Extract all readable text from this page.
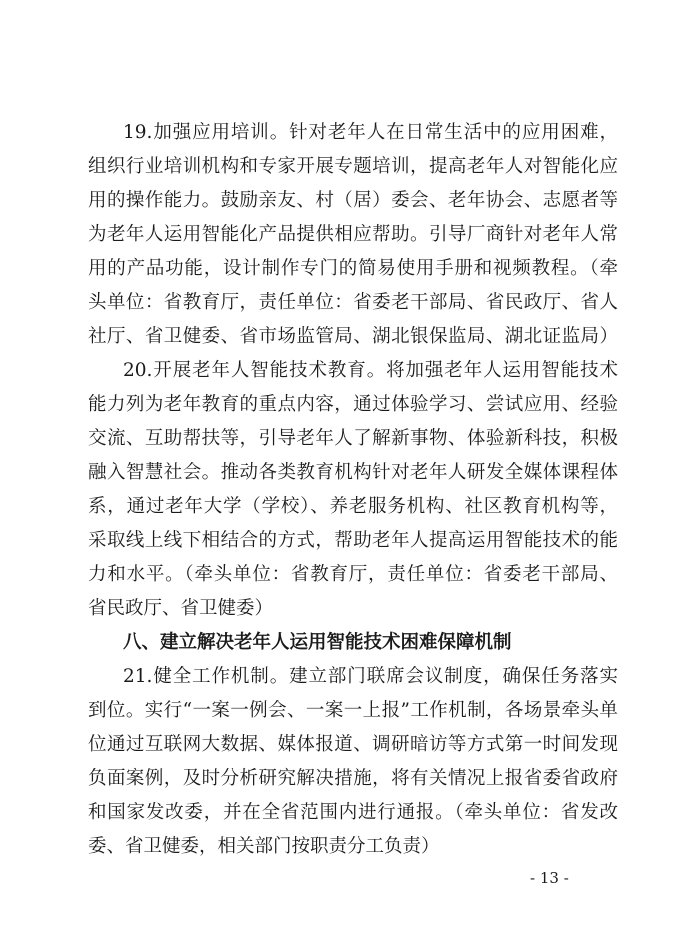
19.加强应用培训。针对老年人在日常生活中的应用困难，
组织行业培训机构和专家开展专题培训，提高老年人对智能化应
用的操作能力。鼓励亲友、村（居）委会、老年协会、志愿者等
为老年人运用智能化产品提供相应帮助。引导厂商针对老年人常
用的产品功能，设计制作专门的简易使用手册和视频教程。（牵
头单位：省教育厅，责任单位：省委老干部局、省民政厅、省人
社厅、省卫健委、省市场监管局、湖北银保监局、湖北证监局）
20.开展老年人智能技术教育。将加强老年人运用智能技术
能力列为老年教育的重点内容，通过体验学习、尝试应用、经验
交流、互助帮扶等，引导老年人了解新事物、体验新科技，积极
融入智慧社会。推动各类教育机构针对老年人研发全媒体课程体
系，通过老年大学（学校）、养老服务机构、社区教育机构等，
采取线上线下相结合的方式，帮助老年人提高运用智能技术的能
力和水平。（牵头单位：省教育厅，责任单位：省委老干部局、
省民政厅、省卫健委）
八、建立解决老年人运用智能技术困难保障机制
21.健全工作机制。建立部门联席会议制度，确保任务落实
到位。实行“一案一例会、一案一上报”工作机制，各场景牵头单
位通过互联网大数据、媒体报道、调研暗访等方式第一时间发现
负面案例，及时分析研究解决措施，将有关情况上报省委省政府
和国家发改委，并在全省范围内进行通报。（牵头单位：省发改
委、省卫健委，相关部门按职责分工负责）
- 13 -
